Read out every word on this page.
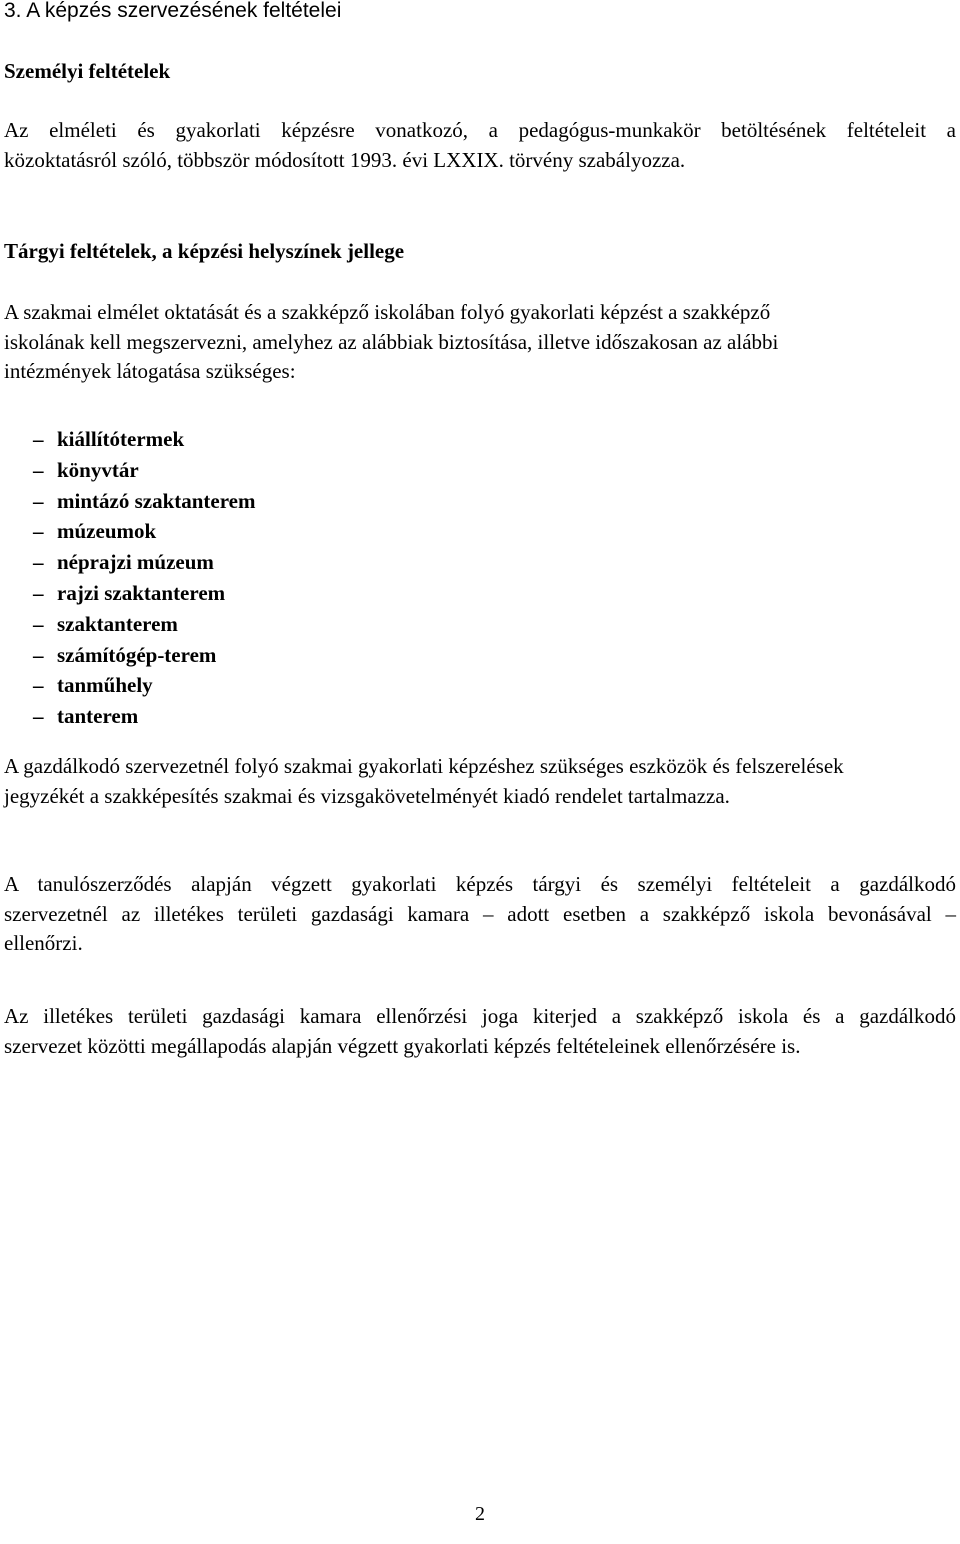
3. A képzés szervezésének feltételei
Személyi feltételek

Az elméleti és gyakorlati képzésre vonatkozó, a pedagógus-munkakör betöltésének feltételeit a
közoktatásról szóló, többször módosított 1993. évi LXXIX. törvény szabályozza.

Tárgyi feltételek, a képzési helyszínek jellege

A szakmai elmélet oktatását és a szakképző iskolában folyó gyakorlati képzést a szakképző
iskolának kell megszervezni, amelyhez az alábbiak biztosítása, illetve időszakosan az alábbi
intézmények látogatása szükséges:

– kiállítótermek
– könyvtár
– mintázó szaktanterem
– múzeumok
– néprajzi múzeum
– rajzi szaktanterem
– szaktanterem
– számítógép-terem
– tanműhely
– tanterem

A gazdálkodó szervezetnél folyó szakmai gyakorlati képzéshez szükséges eszközök és felszerelések
jegyzékét a szakképesítés szakmai és vizsgakövetelményét kiadó rendelet tartalmazza.

A tanulószerződés alapján végzett gyakorlati képzés tárgyi és személyi feltételeit a gazdálkodó
szervezetnél az illetékes területi gazdasági kamara – adott esetben a szakképző iskola bevonásával –
ellenőrzi.

Az illetékes területi gazdasági kamara ellenőrzési joga kiterjed a szakképző iskola és a gazdálkodó
szervezet közötti megállapodás alapján végzett gyakorlati képzés feltételeinek ellenőrzésére is.

2
